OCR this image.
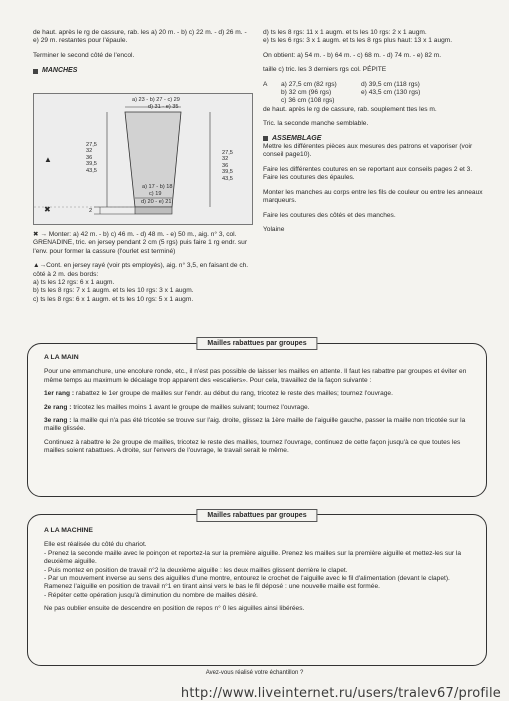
de haut. après le rg de cassure, rab. les a) 20 m. - b) c) 22 m. - d) 26 m. - e) 29 m. restantes pour l'épaule.

Terminer le second côté de l'encol.

MANCHES
a) 23 - b) 27 - c) 29
d) 31 - e) 35
27,5
32
36
39,5
43,5
27,5
32
36
39,5
43,5
a) 17 - b) 18
c) 19
d) 20 - e) 21
2
▲
✖

✖ → Monter: a) 42 m. - b) c) 46 m. - d) 48 m. - e) 50 m., aig. n° 3, col. GRENADINE, tric. en jersey pendant 2 cm (5 rgs) puis faire 1 rg endr. sur l'env. pour former la cassure (l'ourlet est terminé)

▲→Cont. en jersey rayé (voir pts employés), aig. n° 3,5, en faisant de ch. côté à 2 m. des bords:

a) ts les 12 rgs: 6 x 1 augm.

b) ts les 8 rgs: 7 x 1 augm. et ts les 10 rgs: 3 x 1 augm.

c) ts les 8 rgs: 6 x 1 augm. et ts les 10 rgs: 5 x 1 augm.

d) ts les 8 rgs: 11 x 1 augm. et ts les 10 rgs: 2 x 1 augm.

e) ts les 6 rgs: 3 x 1 augm. et ts les 8 rgs plus haut: 13 x 1 augm.

On obtient: a) 54 m. - b) 64 m. - c) 68 m. - d) 74 m. - e) 82 m.

taille c) tric. les 3 derniers rgs col. PÉPITE

A	a) 27,5 cm (82 rgs)	d) 39,5 cm (118 rgs)
b) 32 cm (96 rgs)	e) 43,5 cm (130 rgs)
c) 36 cm (108 rgs)

de haut. après le rg de cassure, rab. souplement ttes les m.

Tric. la seconde manche semblable.

ASSEMBLAGE

Mettre les différentes pièces aux mesures des patrons et vaporiser (voir conseil page10).

Faire les différentes coutures en se reportant aux conseils pages 2 et 3.

Faire les coutures des épaules.

Monter les manches au corps entre les fils de couleur ou entre les anneaux marqueurs.

Faire les coutures des côtés et des manches.

Yolaine

Mailles rabattues par groupes

A LA MAIN

Pour une emmanchure, une encolure ronde, etc., il n'est pas possible de laisser les mailles en attente. Il faut les rabattre par groupes et éviter en même temps au maximum le décalage trop apparent des «escaliers». Pour cela, travaillez de la façon suivante :

1er rang : rabattez le 1er groupe de mailles sur l'endr. au début du rang, tricotez le reste des mailles; tournez l'ouvrage.

2e rang : tricotez les mailles moins 1 avant le groupe de mailles suivant; tournez l'ouvrage.

3e rang : la maille qui n'a pas été tricotée se trouve sur l'aig. droite, glissez la 1ère maille de l'aiguille gauche, passer la maille non tricotée sur la maille glissée.

Continuez à rabattre le 2e groupe de mailles, tricotez le reste des mailles, tournez l'ouvrage, continuez de cette façon jusqu'à ce que toutes les mailles soient rabattues. A droite, sur l'envers de l'ouvrage, le travail serait le même.

Mailles rabattues par groupes

A LA MACHINE

Elle est réalisée du côté du chariot.

- Prenez la seconde maille avec le poinçon et reportez-la sur la première aiguille. Prenez les mailles sur la première aiguille et mettez-les sur la deuxième aiguille.

- Puis montez en position de travail n°2 la deuxième aiguille : les deux mailles glissent derrière le clapet.

- Par un mouvement inverse au sens des aiguilles d'une montre, entourez le crochet de l'aiguille avec le fil d'alimentation (devant le clapet). Ramenez l'aiguille en position de travail n°1 en tirant ainsi vers le bas le fil déposé : une nouvelle maille est formée.

- Répéter cette opération jusqu'à diminution du nombre de mailles désiré.

Ne pas oublier ensuite de descendre en position de repos n° 0 les aiguilles ainsi libérées.

Avez-vous réalisé votre échantillon ?
http://www.liveinternet.ru/users/tralev67/profile
